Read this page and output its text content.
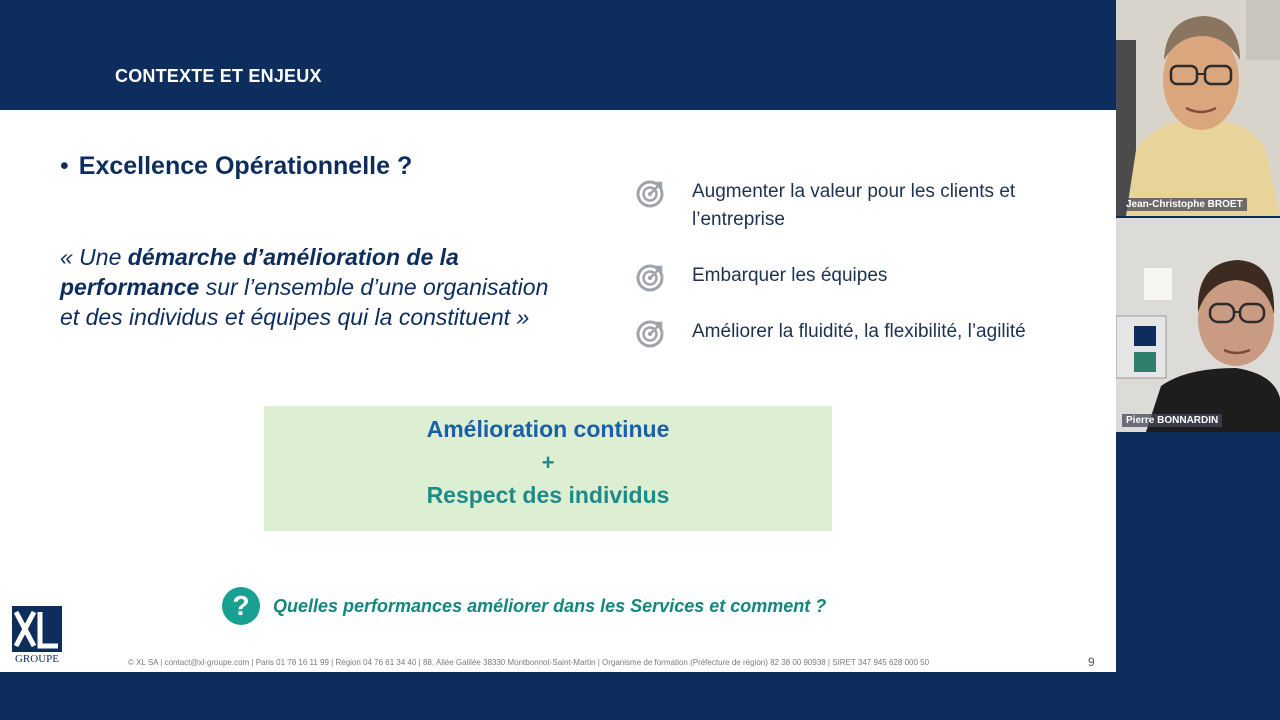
CONTEXTE ET ENJEUX
• Excellence Opérationnelle ?
« Une démarche d’amélioration de la performance sur l’ensemble d’une organisation et des individus et équipes qui la constituent »
Augmenter la valeur pour les clients et l’entreprise
Embarquer les équipes
Améliorer la fluidité, la flexibilité, l’agilité
Amélioration continue
+
Respect des individus
?	Quelles performances améliorer dans les Services et comment ?
GROUPE	© XL SA | contact@xl-groupe.com | Paris 01 78 16 11 99 | Région 04 76 61 34 40 | 88, Allée Galilée 38330 Montbonnot-Saint-Martin | Organisme de formation (Préfecture de région) 82 38 00 90938 | SIRET 347 945 628 000 50	9
Jean-Christophe BROET
Pierre BONNARDIN
